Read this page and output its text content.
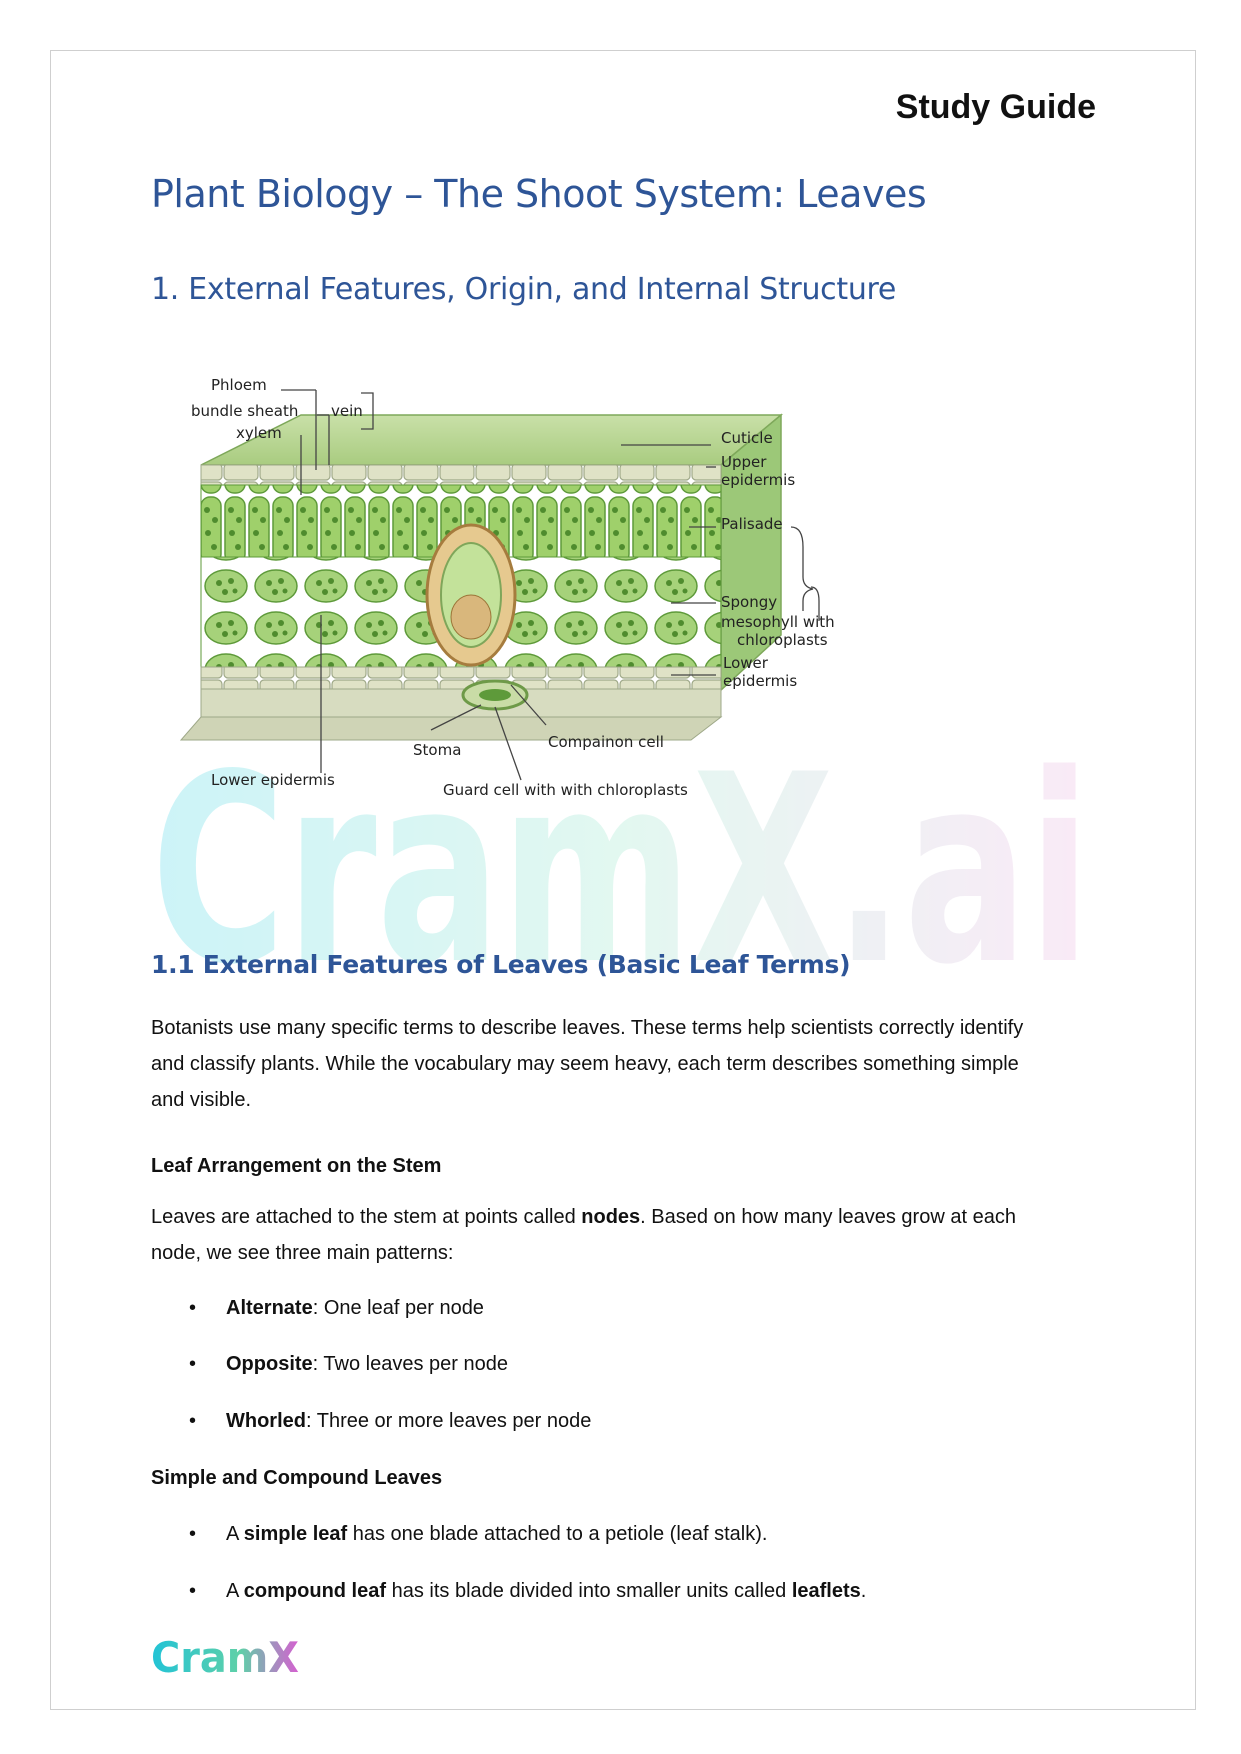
Study Guide
Plant Biology – The Shoot System: Leaves
1. External Features, Origin, and Internal Structure
CramX.ai
Phloem
bundle sheath vein
xylem	Cuticle
Upper
epidermis
Palisade
Spongy
mesophyll with
chloroplasts
Lower
epidermis
Compainon cell
Stoma
Lower epidermis
Guard cell with with chloroplasts
1.1 External Features of Leaves (Basic Leaf Terms)
Botanists use many specific terms to describe leaves. These terms help scientists correctly identify
and classify plants. While the vocabulary may seem heavy, each term describes something simple
and visible.
Leaf Arrangement on the Stem
Leaves are attached to the stem at points called nodes. Based on how many leaves grow at each
node, we see three main patterns:
• Alternate: One leaf per node
• Opposite: Two leaves per node
• Whorled: Three or more leaves per node
Simple and Compound Leaves
• A simple leaf has one blade attached to a petiole (leaf stalk).
• A compound leaf has its blade divided into smaller units called leaflets.
CramX
